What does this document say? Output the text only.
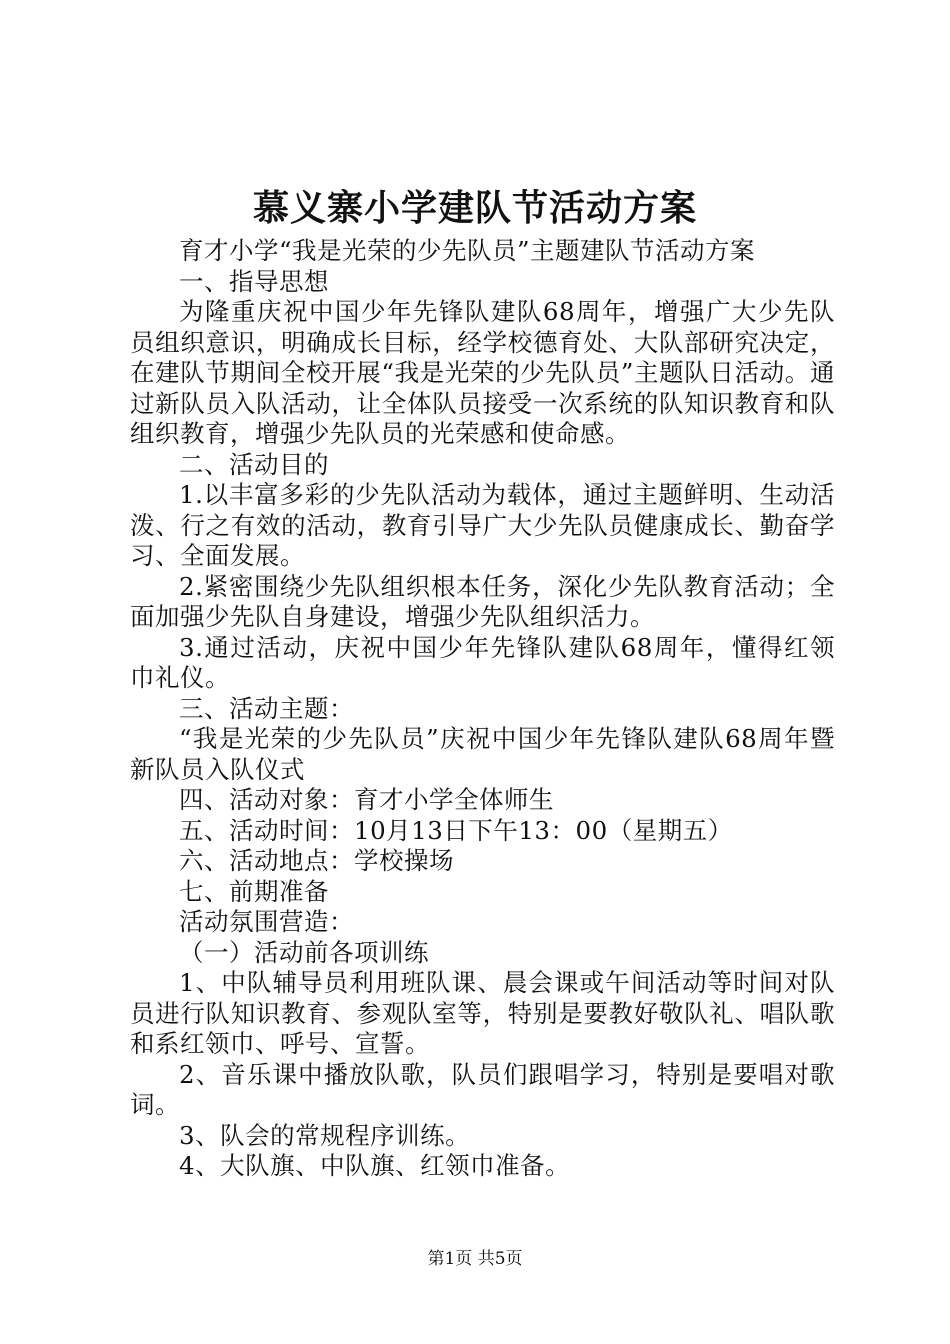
慕义寨小学建队节活动方案

育才小学“我是光荣的少先队员”主题建队节活动方案

一、指导思想

为隆重庆祝中国少年先锋队建队68周年，增强广大少先队员组织意识，明确成长目标，经学校德育处、大队部研究决定，在建队节期间全校开展“我是光荣的少先队员”主题队日活动。通过新队员入队活动，让全体队员接受一次系统的队知识教育和队组织教育，增强少先队员的光荣感和使命感。

二、活动目的

1.以丰富多彩的少先队活动为载体，通过主题鲜明、生动活泼、行之有效的活动，教育引导广大少先队员健康成长、勤奋学习、全面发展。

2.紧密围绕少先队组织根本任务，深化少先队教育活动；全面加强少先队自身建设，增强少先队组织活力。

3.通过活动，庆祝中国少年先锋队建队68周年，懂得红领巾礼仪。

三、活动主题：

“我是光荣的少先队员”庆祝中国少年先锋队建队68周年暨新队员入队仪式

四、活动对象：育才小学全体师生

五、活动时间：10月13日下午13：00（星期五）

六、活动地点：学校操场

七、前期准备

活动氛围营造：

（一）活动前各项训练

1、中队辅导员利用班队课、晨会课或午间活动等时间对队员进行队知识教育、参观队室等，特别是要教好敬队礼、唱队歌和系红领巾、呼号、宣誓。

2、音乐课中播放队歌，队员们跟唱学习，特别是要唱对歌词。

3、队会的常规程序训练。

4、大队旗、中队旗、红领巾准备。

第1页 共5页
